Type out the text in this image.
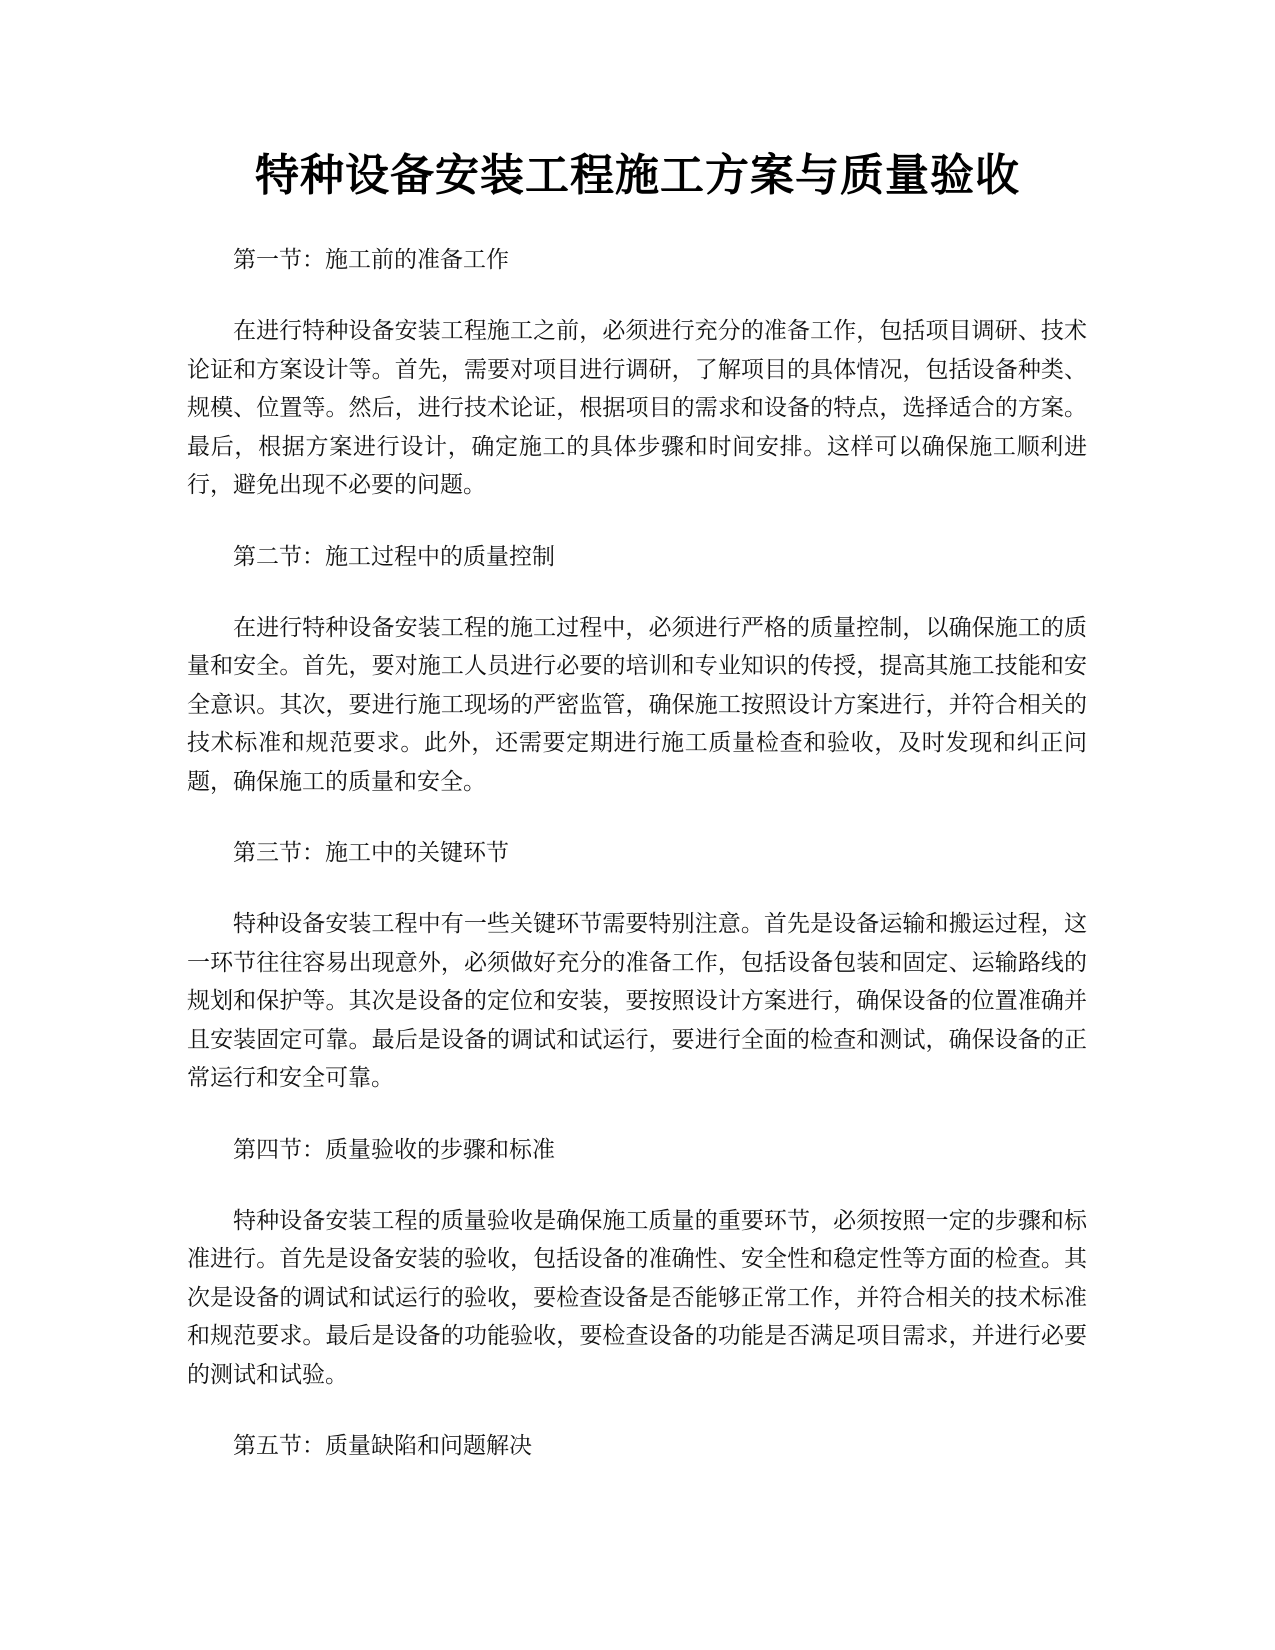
特种设备安装工程施工方案与质量验收

第一节：施工前的准备工作

在进行特种设备安装工程施工之前，必须进行充分的准备工作，包括项目调研、技术论证和方案设计等。首先，需要对项目进行调研，了解项目的具体情况，包括设备种类、规模、位置等。然后，进行技术论证，根据项目的需求和设备的特点，选择适合的方案。最后，根据方案进行设计，确定施工的具体步骤和时间安排。这样可以确保施工顺利进行，避免出现不必要的问题。

第二节：施工过程中的质量控制

在进行特种设备安装工程的施工过程中，必须进行严格的质量控制，以确保施工的质量和安全。首先，要对施工人员进行必要的培训和专业知识的传授，提高其施工技能和安全意识。其次，要进行施工现场的严密监管，确保施工按照设计方案进行，并符合相关的技术标准和规范要求。此外，还需要定期进行施工质量检查和验收，及时发现和纠正问题，确保施工的质量和安全。

第三节：施工中的关键环节

特种设备安装工程中有一些关键环节需要特别注意。首先是设备运输和搬运过程，这一环节往往容易出现意外，必须做好充分的准备工作，包括设备包装和固定、运输路线的规划和保护等。其次是设备的定位和安装，要按照设计方案进行，确保设备的位置准确并且安装固定可靠。最后是设备的调试和试运行，要进行全面的检查和测试，确保设备的正常运行和安全可靠。

第四节：质量验收的步骤和标准

特种设备安装工程的质量验收是确保施工质量的重要环节，必须按照一定的步骤和标准进行。首先是设备安装的验收，包括设备的准确性、安全性和稳定性等方面的检查。其次是设备的调试和试运行的验收，要检查设备是否能够正常工作，并符合相关的技术标准和规范要求。最后是设备的功能验收，要检查设备的功能是否满足项目需求，并进行必要的测试和试验。

第五节：质量缺陷和问题解决
